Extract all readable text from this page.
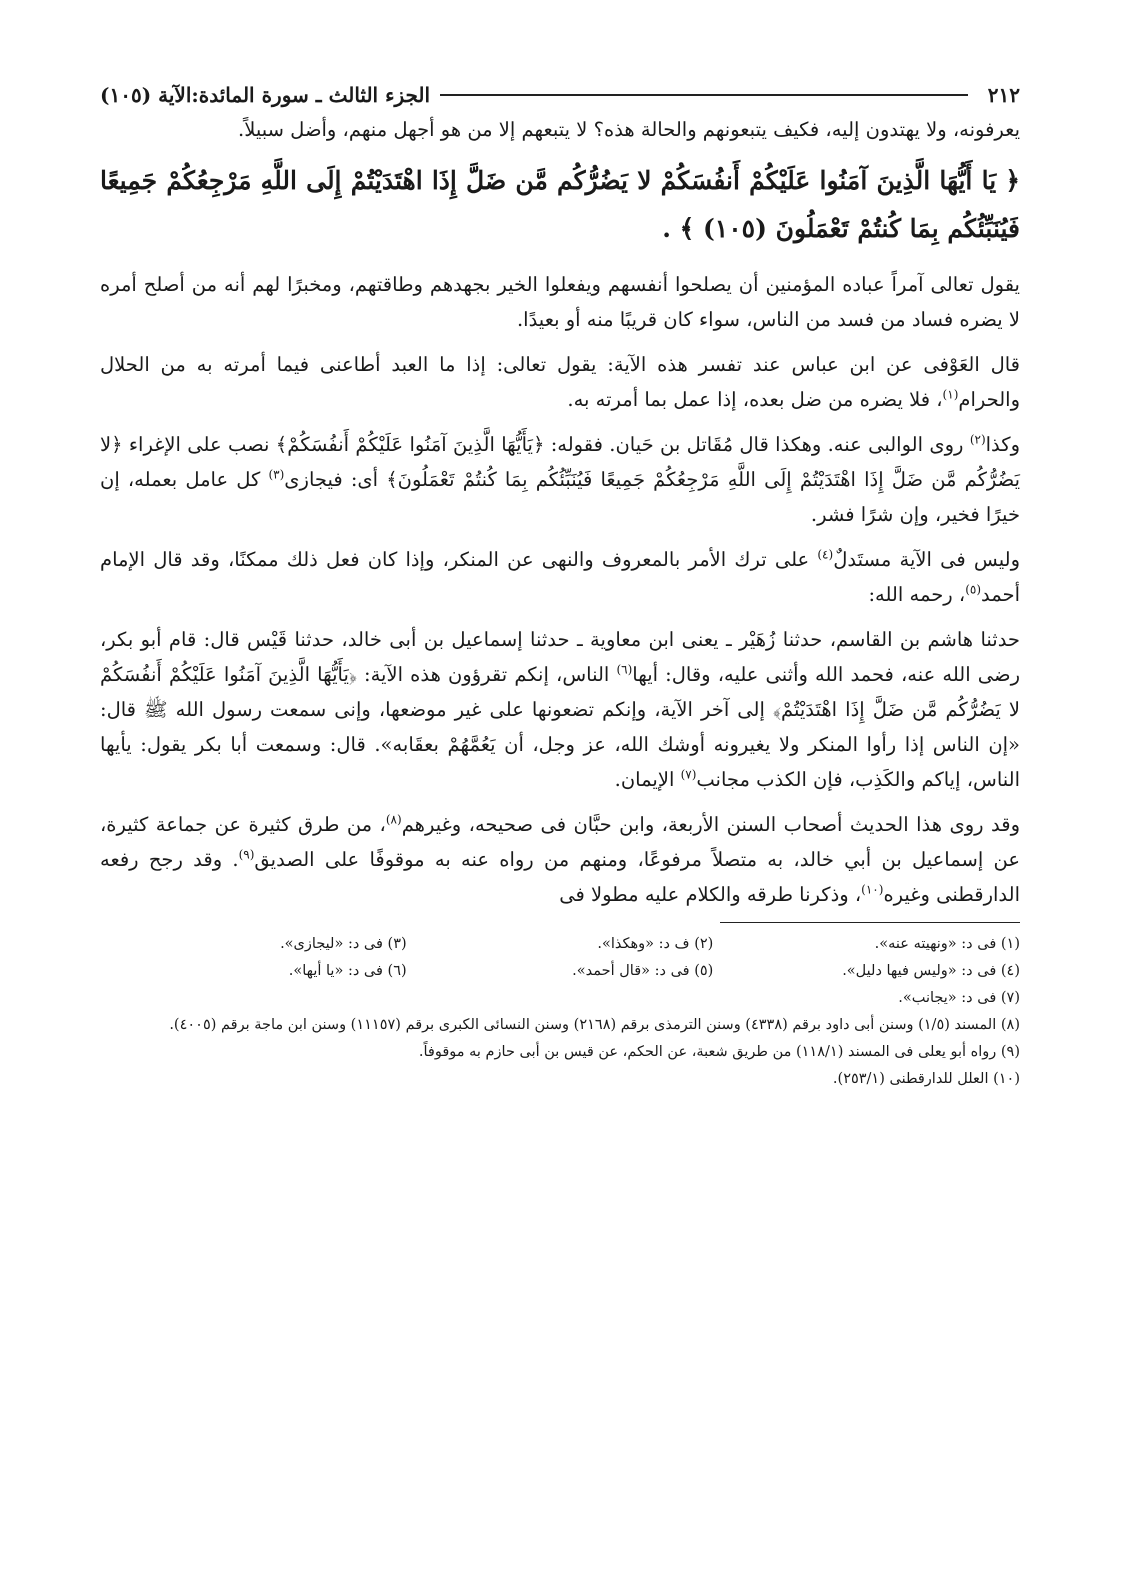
٢١٢
الجزء الثالث ـ سورة المائدة:الآية (١٠٥)

يعرفونه، ولا يهتدون إليه، فكيف يتبعونهم والحالة هذه؟ لا يتبعهم إلا من هو أجهل منهم، وأضل سبيلاً.

﴿ يَا أَيُّهَا الَّذِينَ آمَنُوا عَلَيْكُمْ أَنفُسَكُمْ لا يَضُرُّكُم مَّن ضَلَّ إِذَا اهْتَدَيْتُمْ إِلَى اللَّهِ مَرْجِعُكُمْ جَمِيعًا فَيُنَبِّئُكُم بِمَا كُنتُمْ تَعْمَلُونَ (١٠٥) ﴾ .

يقول تعالى آمراً عباده المؤمنين أن يصلحوا أنفسهم ويفعلوا الخير بجهدهم وطاقتهم، ومخبرًا لهم أنه من أصلح أمره لا يضره فساد من فسد من الناس، سواء كان قريبًا منه أو بعيدًا.

قال العَوْفى عن ابن عباس عند تفسر هذه الآية: يقول تعالى: إذا ما العبد أطاعنى فيما أمرته به من الحلال والحرام$^{(١)}$، فلا يضره من ضل بعده، إذا عمل بما أمرته به.

وكذا$^{(٢)}$ روى الوالبى عنه. وهكذا قال مُقَاتل بن حَيان. فقوله: ﴿يَأَيُّهَا الَّذِينَ آمَنُوا عَلَيْكُمْ أَنفُسَكُمْ﴾ نصب على الإغراء ﴿لا يَضُرُّكُم مَّن ضَلَّ إِذَا اهْتَدَيْتُمْ إِلَى اللَّهِ مَرْجِعُكُمْ جَمِيعًا فَيُنَبِّئُكُم بِمَا كُنتُمْ تَعْمَلُونَ﴾ أى: فيجازى$^{(٣)}$ كل عامل بعمله، إن خيرًا فخير، وإن شرًا فشر.

وليس فى الآية مستَدلٌ$^{(٤)}$ على ترك الأمر بالمعروف والنهى عن المنكر، وإذا كان فعل ذلك ممكنًا، وقد قال الإمام أحمد$^{(٥)}$، رحمه الله:

حدثنا هاشم بن القاسم، حدثنا زُهَيْر ـ يعنى ابن معاوية ـ حدثنا إسماعيل بن أبى خالد، حدثنا قَيْس قال: قام أبو بكر، رضى الله عنه، فحمد الله وأثنى عليه، وقال: أيها$^{(٦)}$ الناس، إنكم تقرؤون هذه الآية: ﴿يَأَيُّهَا الَّذِينَ آمَنُوا عَلَيْكُمْ أَنفُسَكُمْ لا يَضُرُّكُم مَّن ضَلَّ إِذَا اهْتَدَيْتُمْ﴾ إلى آخر الآية، وإنكم تضعونها على غير موضعها، وإنى سمعت رسول الله ﷺ قال: «إن الناس إذا رأوا المنكر ولا يغيرونه أوشك الله، عز وجل، أن يَعُمَّهُمْ بعقَابه». قال: وسمعت أبا بكر يقول: يأيها الناس، إياكم والكَذِب، فإن الكذب مجانب$^{(٧)}$ الإيمان.

وقد روى هذا الحديث أصحاب السنن الأربعة، وابن حبَّان فى صحيحه، وغيرهم$^{(٨)}$، من طرق كثيرة عن جماعة كثيرة، عن إسماعيل بن أبي خالد، به متصلاً مرفوعًا، ومنهم من رواه عنه به موقوفًا على الصديق$^{(٩)}$. وقد رجح رفعه الدارقطنى وغيره$^{(١٠)}$، وذكرنا طرقه والكلام عليه مطولا فى

(١) فى د: «ونهيته عنه».
(٢) ف د: «وهكذا».
(٣) فى د: «ليجازى».
(٤) فى د: «وليس فيها دليل».
(٥) فى د: «قال أحمد».
(٦) فى د: «يا أيها».
(٧) فى د: «يجانب».
(٨) المسند (١/٥) وسنن أبى داود برقم (٤٣٣٨) وسنن الترمذى برقم (٢١٦٨) وسنن النسائى الكبرى برقم (١١١٥٧) وسنن ابن ماجة برقم (٤٠٠٥).
(٩) رواه أبو يعلى فى المسند (١١٨/١) من طريق شعبة، عن الحكم، عن قيس بن أبى حازم به موقوفاً.
(١٠) العلل للدارقطنى (٢٥٣/١).
